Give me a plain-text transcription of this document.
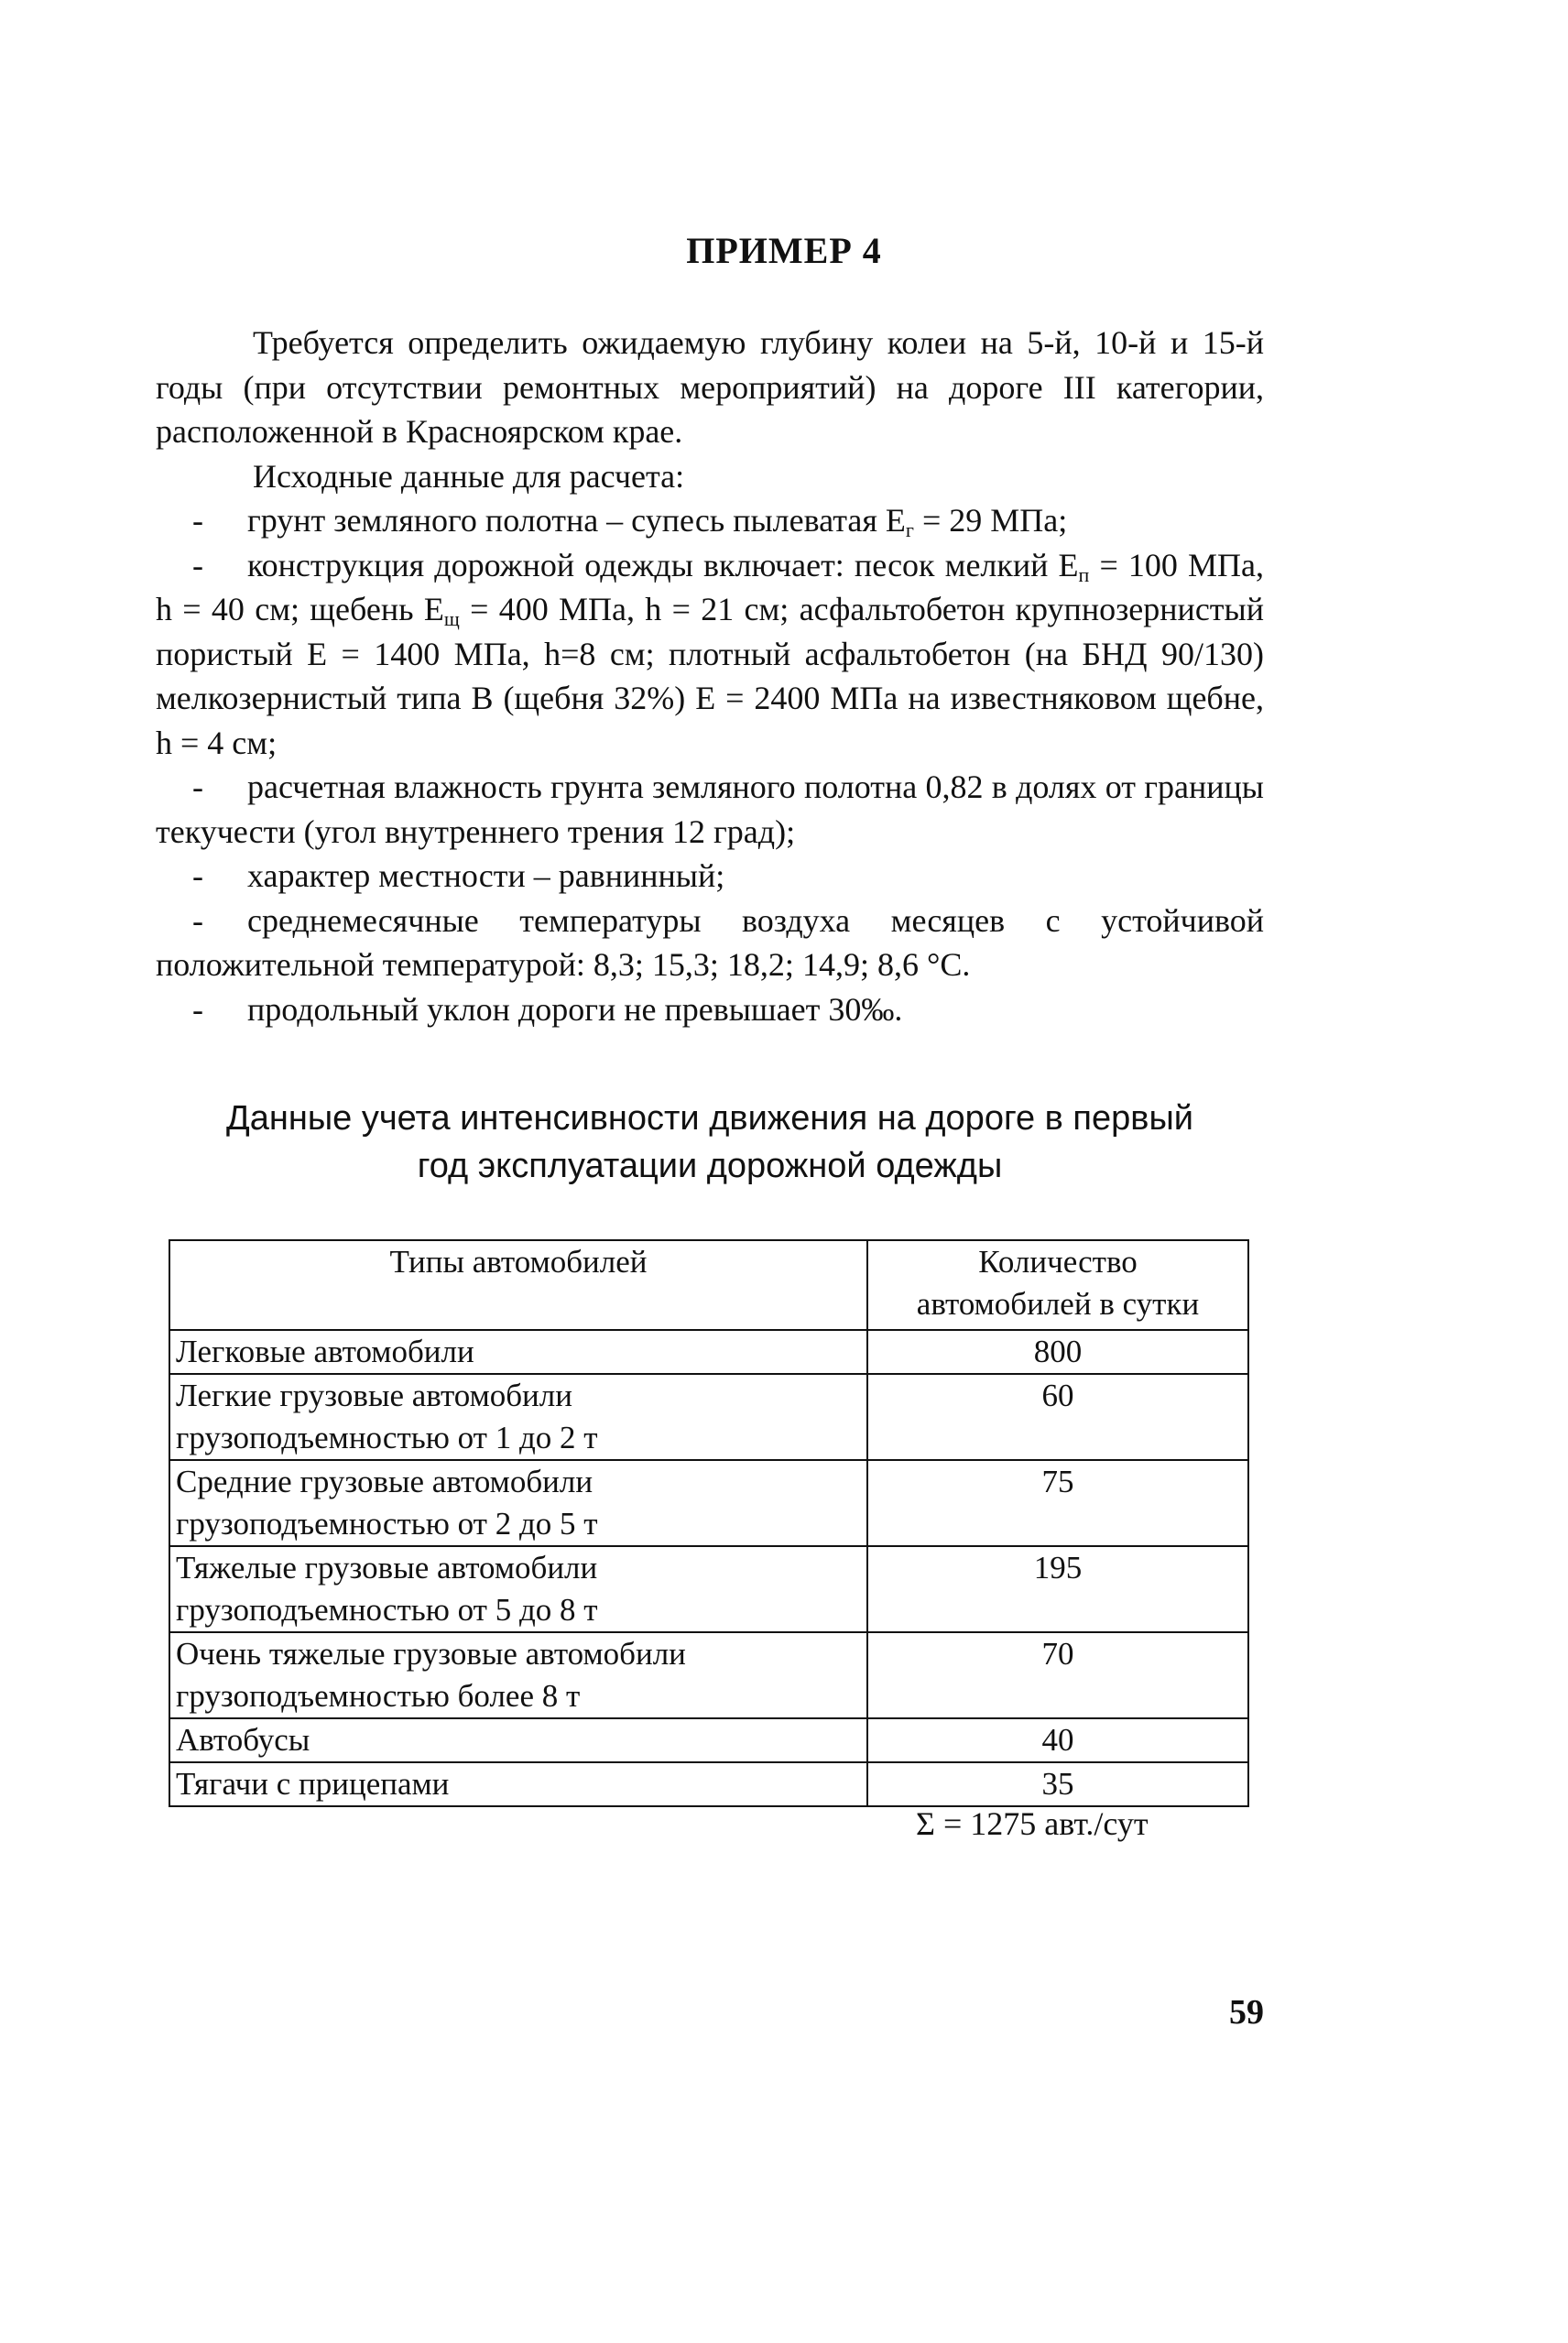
ПРИМЕР 4

Требуется определить ожидаемую глубину колеи на 5-й, 10-й и 15-й годы (при отсутствии ремонтных мероприятий) на дороге III категории, расположенной в Красноярском крае.

Исходные данные для расчета:

- грунт земляного полотна – супесь пылеватая $E_г = 29$ МПа;

- конструкция дорожной одежды включает: песок мелкий $E_п = 100$ МПа, h = 40 см; щебень $E_щ = 400$ МПа, h = 21 см; асфальтобетон крупнозернистый пористый E = 1400 МПа, h=8 см; плотный асфальтобетон (на БНД 90/130) мелкозернистый типа В (щебня 32%) E = 2400 МПа на известняковом щебне, h = 4 см;

- расчетная влажность грунта земляного полотна 0,82 в долях от границы текучести (угол внутреннего трения 12 град);

- характер местности – равнинный;

- среднемесячные температуры воздуха месяцев с устойчивой положительной температурой: 8,3; 15,3; 18,2; 14,9; 8,6 °C.

- продольный уклон дороги не превышает 30‰.

Данные учета интенсивности движения на дороге в первый
год эксплуатации дорожной одежды
Типы автомобилей	Количество
автомобилей в сутки

Легковые автомобили	800

Легкие грузовые автомобили
грузоподъемностью от 1 до 2 т	60

Средние грузовые автомобили
грузоподъемностью от 2 до 5 т	75

Тяжелые грузовые автомобили
грузоподъемностью от 5 до 8 т	195

Очень тяжелые грузовые автомобили
грузоподъемностью более 8 т	70

Автобусы	40

Тягачи с прицепами	35
Σ = 1275 авт./сут
59
